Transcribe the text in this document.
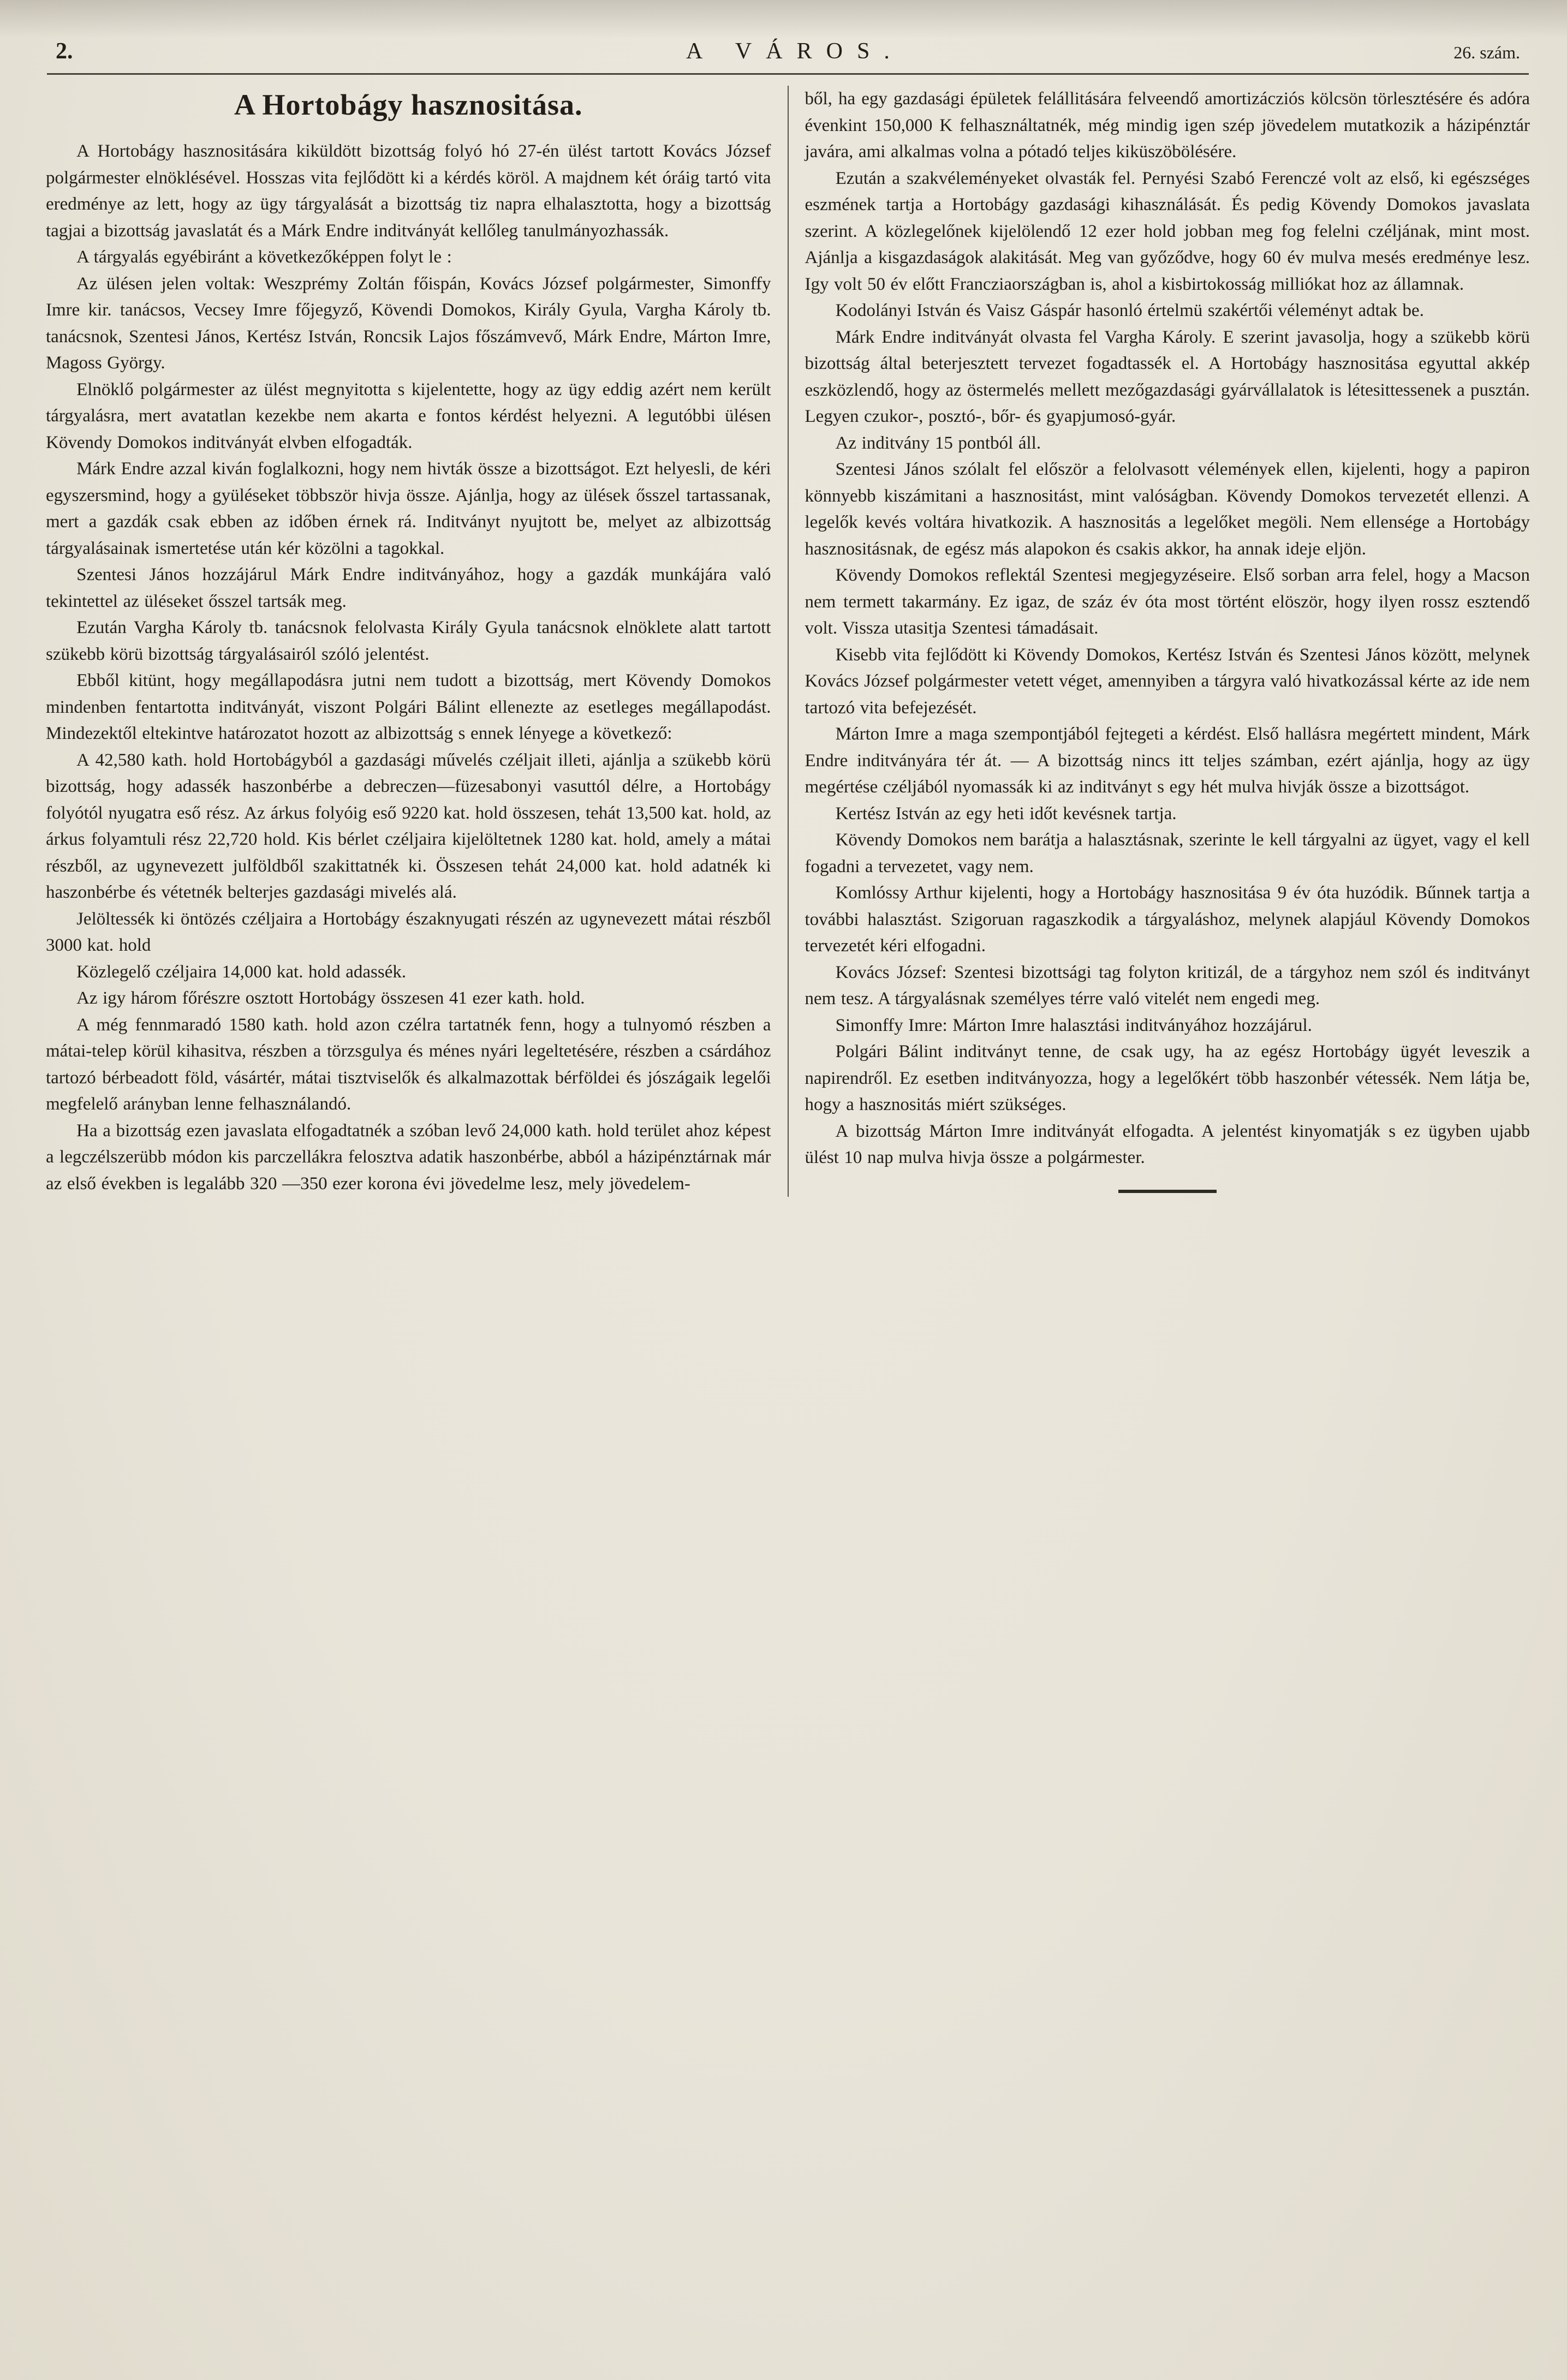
2.	A VÁROS.	26. szám.
A Hortobágy hasznositása.

A Hortobágy hasznositására kiküldött bizottság folyó hó 27-én ülést tartott Kovács József polgármester elnöklésével. Hosszas vita fejlődött ki a kérdés köröl. A majdnem két óráig tartó vita eredménye az lett, hogy az ügy tárgyalását a bizottság tiz napra elhalasztotta, hogy a bizottság tagjai a bizottság javaslatát és a Márk Endre inditványát kellőleg tanulmányozhassák.

A tárgyalás egyébiránt a következőképpen folyt le :

Az ülésen jelen voltak: Weszprémy Zoltán főispán, Kovács József polgármester, Simonffy Imre kir. tanácsos, Vecsey Imre főjegyző, Kövendi Domokos, Király Gyula, Vargha Károly tb. tanácsnok, Szentesi János, Kertész István, Roncsik Lajos főszámvevő, Márk Endre, Márton Imre, Magoss György.

Elnöklő polgármester az ülést megnyitotta s kijelentette, hogy az ügy eddig azért nem került tárgyalásra, mert avatatlan kezekbe nem akarta e fontos kérdést helyezni. A legutóbbi ülésen Kövendy Domokos inditványát elvben elfogadták.

Márk Endre azzal kiván foglalkozni, hogy nem hivták össze a bizottságot. Ezt helyesli, de kéri egyszersmind, hogy a gyüléseket többször hivja össze. Ajánlja, hogy az ülések ősszel tartassanak, mert a gazdák csak ebben az időben érnek rá. Inditványt nyujtott be, melyet az albizottság tárgyalásainak ismertetése után kér közölni a tagokkal.

Szentesi János hozzájárul Márk Endre inditványához, hogy a gazdák munkájára való tekintettel az üléseket ősszel tartsák meg.

Ezután Vargha Károly tb. tanácsnok felolvasta Király Gyula tanácsnok elnöklete alatt tartott szükebb körü bizottság tárgyalásairól szóló jelentést.

Ebből kitünt, hogy megállapodásra jutni nem tudott a bizottság, mert Kövendy Domokos mindenben fentartotta inditványát, viszont Polgári Bálint ellenezte az esetleges megállapodást. Mindezektől eltekintve határozatot hozott az albizottság s ennek lényege a következő:

A 42,580 kath. hold Hortobágyból a gazdasági művelés czéljait illeti, ajánlja a szükebb körü bizottság, hogy adassék haszonbérbe a debreczen—füzesabonyi vasuttól délre, a Hortobágy folyótól nyugatra eső rész. Az árkus folyóig eső 9220 kat. hold összesen, tehát 13,500 kat. hold, az árkus folyamtuli rész 22,720 hold. Kis bérlet czéljaira kijelöltetnek 1280 kat. hold, amely a mátai részből, az ugynevezett julföldből szakittatnék ki. Összesen tehát 24,000 kat. hold adatnék ki haszonbérbe és vétetnék belterjes gazdasági mivelés alá.

Jelöltessék ki öntözés czéljaira a Hortobágy északnyugati részén az ugynevezett mátai részből 3000 kat. hold

Közlegelő czéljaira 14,000 kat. hold adassék.

Az igy három főrészre osztott Hortobágy összesen 41 ezer kath. hold.

A még fennmaradó 1580 kath. hold azon czélra tartatnék fenn, hogy a tulnyomó részben a mátai-telep körül kihasitva, részben a törzsgulya és ménes nyári legeltetésére, részben a csárdához tartozó bérbeadott föld, vásártér, mátai tisztviselők és alkalmazottak bérföldei és jószágaik legelői megfelelő arányban lenne felhasználandó.

Ha a bizottság ezen javaslata elfogadtatnék a szóban levő 24,000 kath. hold terület ahoz képest a legczélszerübb módon kis parczellákra felosztva adatik haszonbérbe, abból a házipénztárnak már az első években is legalább 320 —350 ezer korona évi jövedelme lesz, mely jövedelem-

ből, ha egy gazdasági épületek felállitására felveendő amortizácziós kölcsön törlesztésére és adóra évenkint 150,000 K felhasználtatnék, még mindig igen szép jövedelem mutatkozik a házipénztár javára, ami alkalmas volna a pótadó teljes kiküszöbölésére.

Ezután a szakvéleményeket olvasták fel. Pernyési Szabó Ferenczé volt az első, ki egészséges eszmének tartja a Hortobágy gazdasági kihasználását. És pedig Kövendy Domokos javaslata szerint. A közlegelőnek kijelölendő 12 ezer hold jobban meg fog felelni czéljának, mint most. Ajánlja a kisgazdaságok alakitását. Meg van győződve, hogy 60 év mulva mesés eredménye lesz. Igy volt 50 év előtt Francziaországban is, ahol a kisbirtokosság milliókat hoz az államnak.

Kodolányi István és Vaisz Gáspár hasonló értelmü szakértői véleményt adtak be.

Márk Endre inditványát olvasta fel Vargha Károly. E szerint javasolja, hogy a szükebb körü bizottság által beterjesztett tervezet fogadtassék el. A Hortobágy hasznositása egyuttal akkép eszközlendő, hogy az östermelés mellett mezőgazdasági gyárvállalatok is létesittessenek a pusztán. Legyen czukor-, posztó-, bőr- és gyapjumosó-gyár.

Az inditvány 15 pontból áll.

Szentesi János szólalt fel először a felolvasott vélemények ellen, kijelenti, hogy a papiron könnyebb kiszámitani a hasznositást, mint valóságban. Kövendy Domokos tervezetét ellenzi. A legelők kevés voltára hivatkozik. A hasznositás a legelőket megöli. Nem ellensége a Hortobágy hasznositásnak, de egész más alapokon és csakis akkor, ha annak ideje eljön.

Kövendy Domokos reflektál Szentesi megjegyzéseire. Első sorban arra felel, hogy a Macson nem termett takarmány. Ez igaz, de száz év óta most történt elöször, hogy ilyen rossz esztendő volt. Vissza utasitja Szentesi támadásait.

Kisebb vita fejlődött ki Kövendy Domokos, Kertész István és Szentesi János között, melynek Kovács József polgármester vetett véget, amennyiben a tárgyra való hivatkozással kérte az ide nem tartozó vita befejezését.

Márton Imre a maga szempontjából fejtegeti a kérdést. Első hallásra megértett mindent, Márk Endre inditványára tér át. — A bizottság nincs itt teljes számban, ezért ajánlja, hogy az ügy megértése czéljából nyomassák ki az inditványt s egy hét mulva hivják össze a bizottságot.

Kertész István az egy heti időt kevésnek tartja.

Kövendy Domokos nem barátja a halasztásnak, szerinte le kell tárgyalni az ügyet, vagy el kell fogadni a tervezetet, vagy nem.

Komlóssy Arthur kijelenti, hogy a Hortobágy hasznositása 9 év óta huzódik. Bűnnek tartja a további halasztást. Szigoruan ragaszkodik a tárgyaláshoz, melynek alapjául Kövendy Domokos tervezetét kéri elfogadni.

Kovács József: Szentesi bizottsági tag folyton kritizál, de a tárgyhoz nem szól és inditványt nem tesz. A tárgyalásnak személyes térre való vitelét nem engedi meg.

Simonffy Imre: Márton Imre halasztási inditványához hozzájárul.

Polgári Bálint inditványt tenne, de csak ugy, ha az egész Hortobágy ügyét leveszik a napirendről. Ez esetben inditványozza, hogy a legelőkért több haszonbér vétessék. Nem látja be, hogy a hasznositás miért szükséges.

A bizottság Márton Imre inditványát elfogadta. A jelentést kinyomatják s ez ügyben ujabb ülést 10 nap mulva hivja össze a polgármester.
